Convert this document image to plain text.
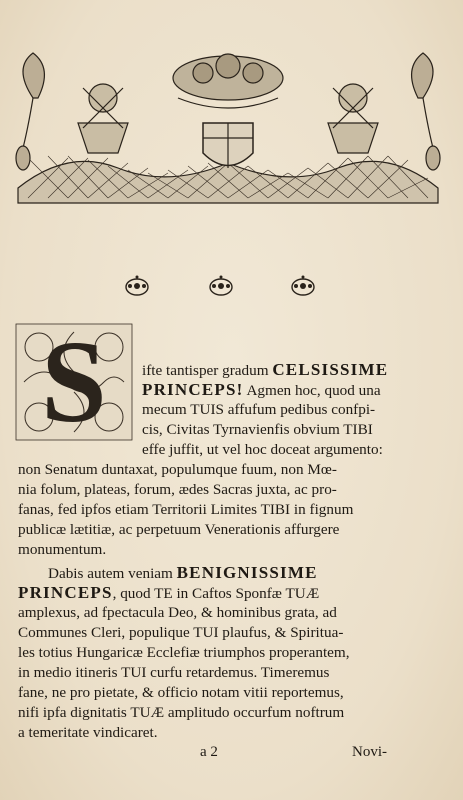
S	ifte tantisper gradum CELSISSIME
PRINCEPS! Agmen hoc, quod una
mecum TUIS affufum pedibus confpi-
cis, Civitas Tyrnavienfis obvium TIBI
effe juffit, ut vel hoc doceat argumento:
non Senatum duntaxat, populumque fuum, non Mœ-
nia folum, plateas, forum, ædes Sacras juxta, ac pro-
fanas, fed ipfos etiam Territorii Limites TIBI in fignum
publicæ lætitiæ, ac perpetuum Venerationis affurgere
monumentum.
Dabis autem veniam BENIGNISSIME
PRINCEPS, quod TE in Caftos Sponfæ TUÆ
amplexus, ad fpectacula Deo, & hominibus grata, ad
Communes Cleri, populique TUI plaufus, & Spiritua-
les totius Hungaricæ Ecclefiæ triumphos properantem,
in medio itineris TUI curfu retardemus. Timeremus
fane, ne pro pietate, & officio notam vitii reportemus,
nifi ipfa dignitatis TUÆ amplitudo occurfum noftrum
a temeritate vindicaret.
a 2	Novi-
